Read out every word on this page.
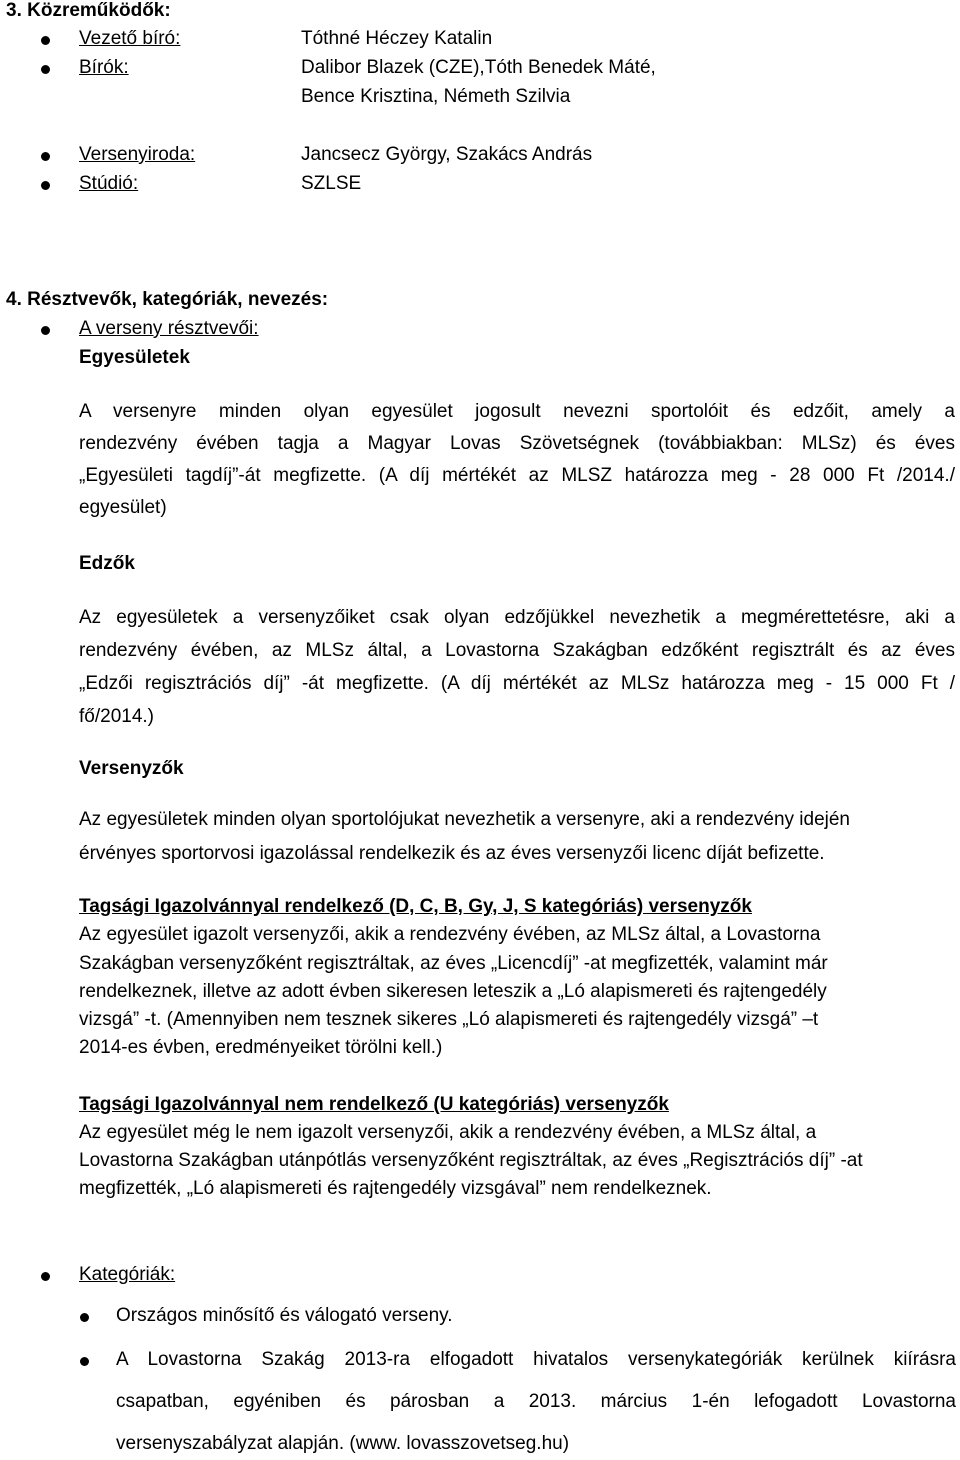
3. Közreműködők:
Vezető bíró:	Tóthné Héczey Katalin
Bírók:	Dalibor Blazek (CZE),Tóth Benedek Máté,
Bence Krisztina, Németh Szilvia
Versenyiroda:	Jancsecz György, Szakács András
Stúdió:	SZLSE
4. Résztvevők, kategóriák, nevezés:
A verseny résztvevői:
Egyesületek
A versenyre minden olyan egyesület jogosult nevezni sportolóit és edzőit, amely a
rendezvény évében tagja a Magyar Lovas Szövetségnek (továbbiakban: MLSz) és éves
„Egyesületi tagdíj”-át megfizette. (A díj mértékét az MLSZ határozza meg - 28 000 Ft /2014./
egyesület)
Edzők
Az egyesületek a versenyzőiket csak olyan edzőjükkel nevezhetik a megmérettetésre, aki a
rendezvény évében, az MLSz által, a Lovastorna Szakágban edzőként regisztrált és az éves
„Edzői regisztrációs díj” -át megfizette. (A díj mértékét az MLSz határozza meg - 15 000 Ft /
fő/2014.)
Versenyzők
Az egyesületek minden olyan sportolójukat nevezhetik a versenyre, aki a rendezvény idején
érvényes sportorvosi igazolással rendelkezik és az éves versenyzői licenc díját befizette.
Tagsági Igazolvánnyal rendelkező (D, C, B, Gy, J, S kategóriás) versenyzők
Az egyesület igazolt versenyzői, akik a rendezvény évében, az MLSz által, a Lovastorna
Szakágban versenyzőként regisztráltak, az éves „Licencdíj” -at megfizették, valamint már
rendelkeznek, illetve az adott évben sikeresen leteszik a „Ló alapismereti és rajtengedély
vizsgá” -t. (Amennyiben nem tesznek sikeres „Ló alapismereti és rajtengedély vizsgá” –t
2014-es évben, eredményeiket törölni kell.)
Tagsági Igazolvánnyal nem rendelkező (U kategóriás) versenyzők
Az egyesület még le nem igazolt versenyzői, akik a rendezvény évében, a MLSz által, a
Lovastorna Szakágban utánpótlás versenyzőként regisztráltak, az éves „Regisztrációs díj” -at
megfizették, „Ló alapismereti és rajtengedély vizsgával” nem rendelkeznek.
Kategóriák:
Országos minősítő és válogató verseny.
A Lovastorna Szakág 2013-ra elfogadott hivatalos versenykategóriák kerülnek kiírásra
csapatban, egyéniben és párosban a 2013. március 1-én lefogadott Lovastorna
versenyszabályzat alapján. (www. lovasszovetseg.hu)
